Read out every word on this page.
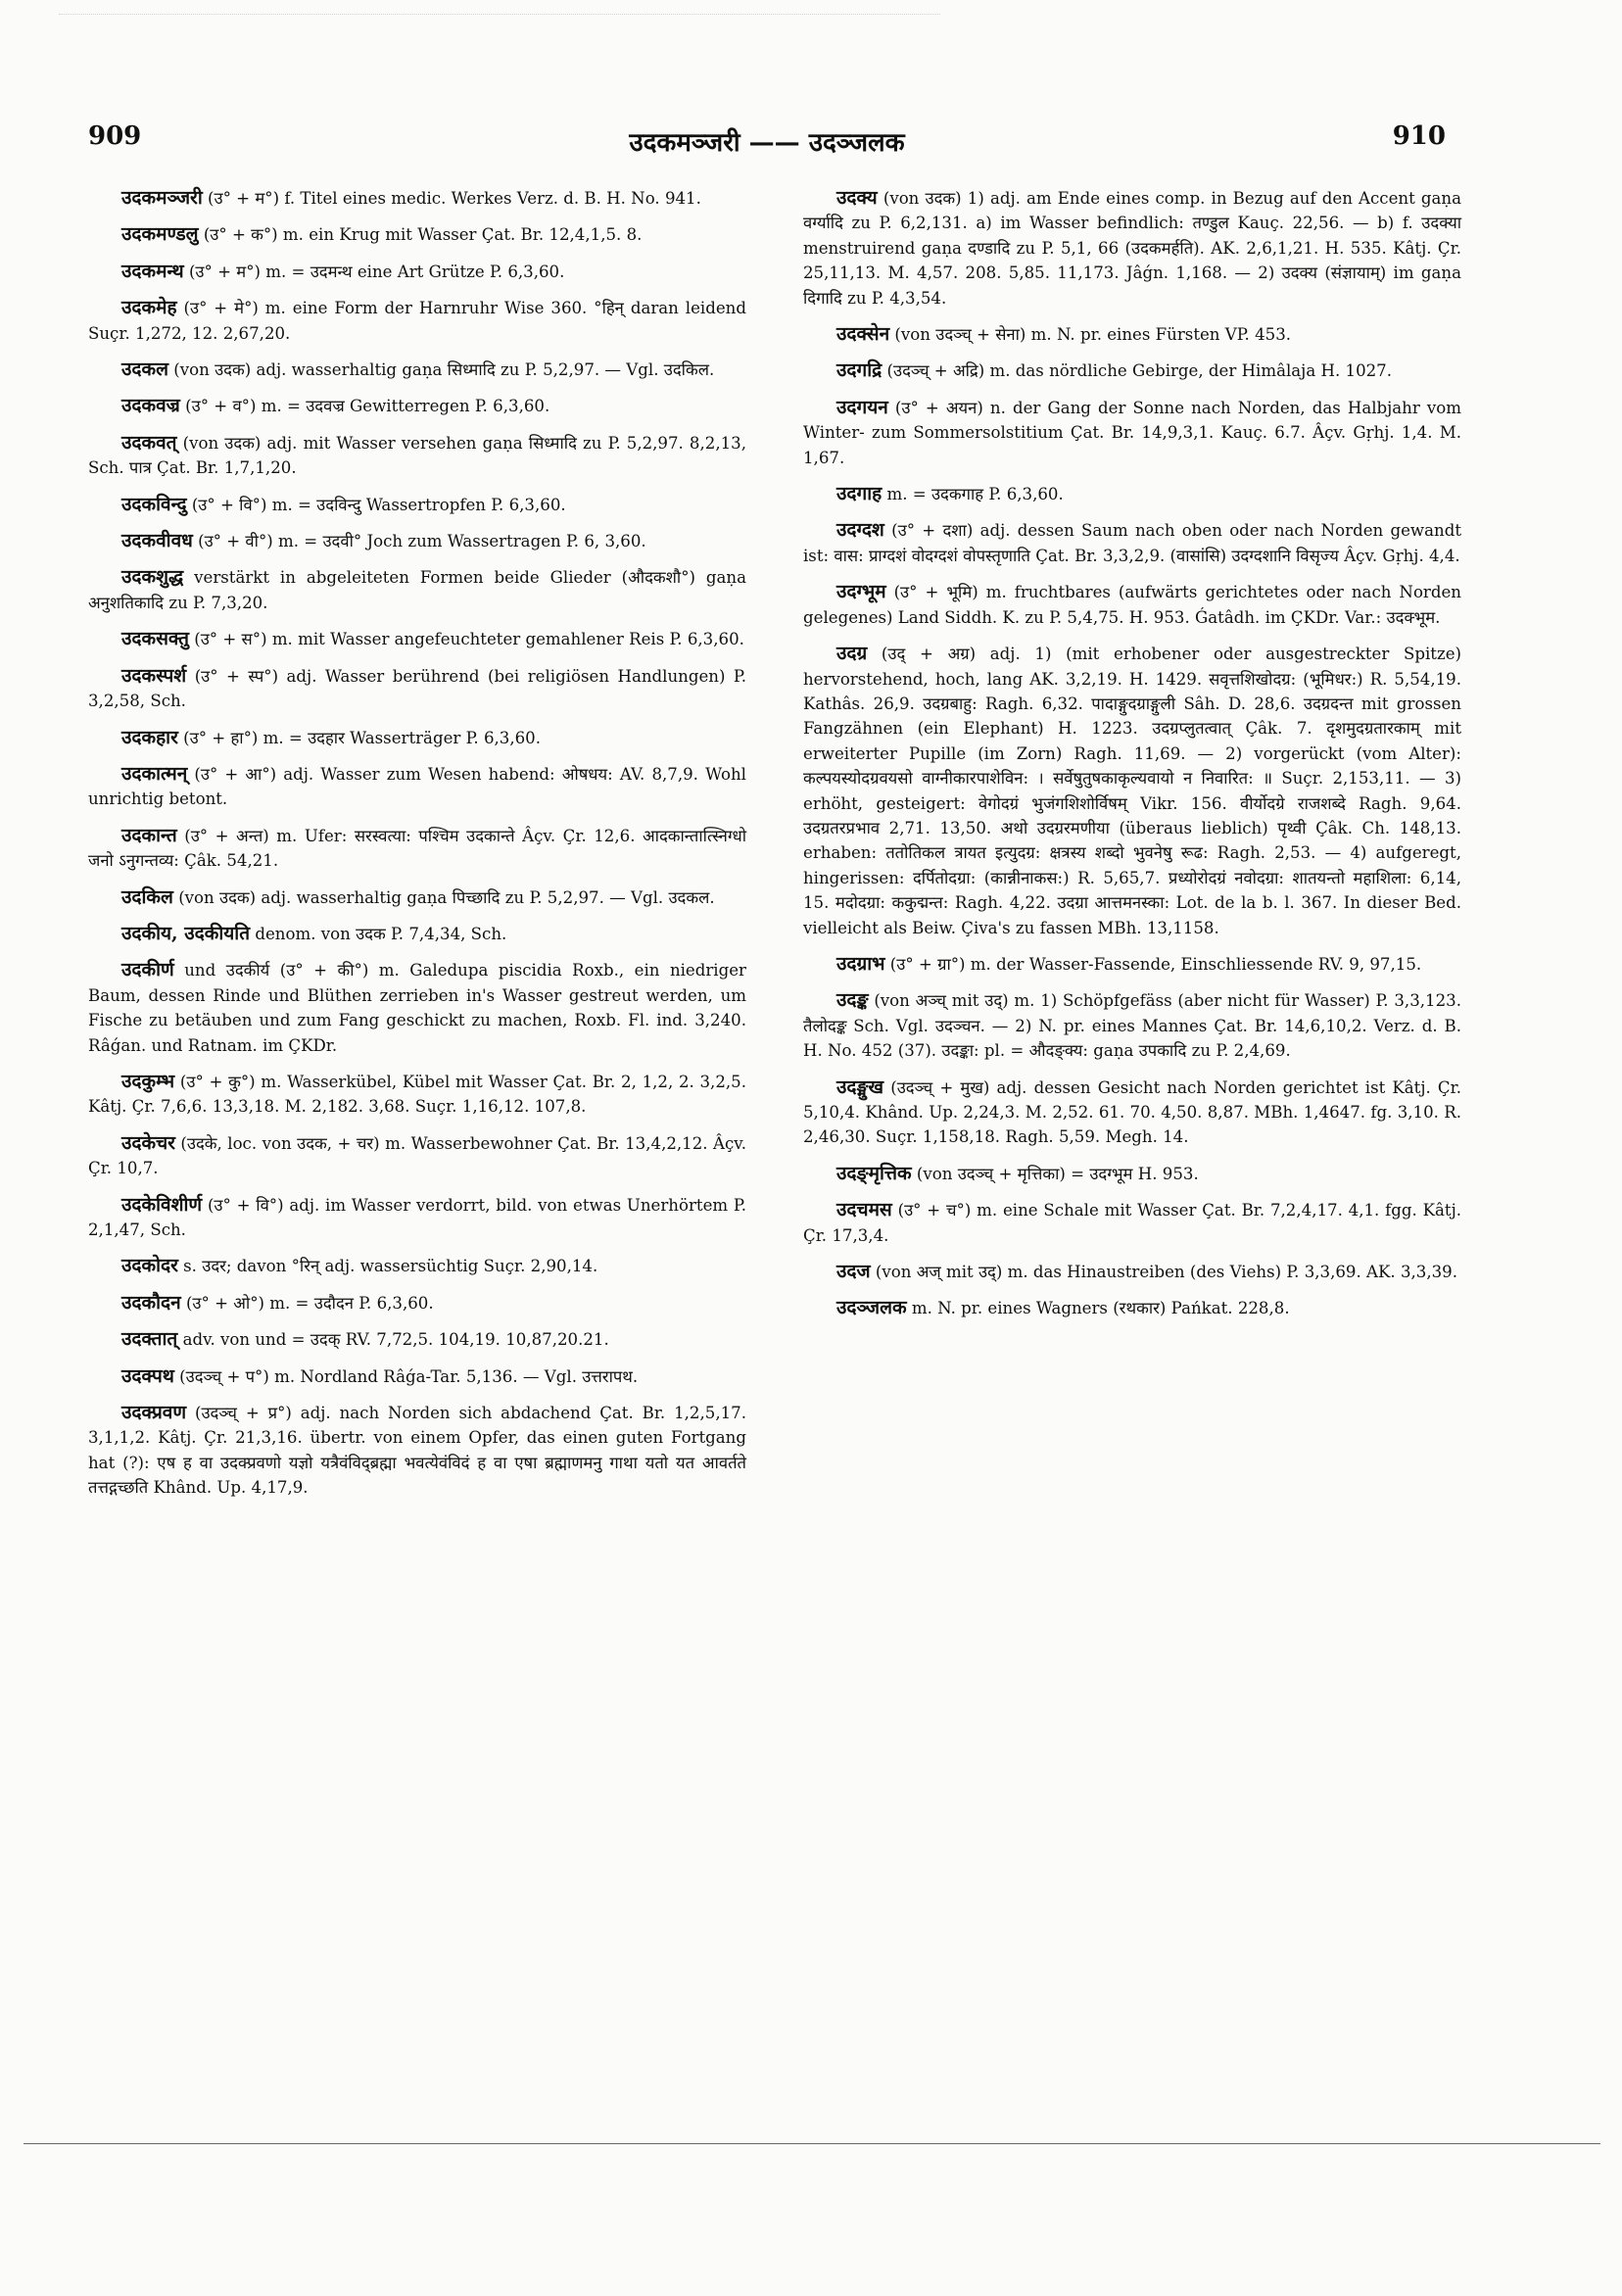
909	उदकमञ्जरी —— उदञ्जलक	910

उदकमञ्जरी (उ° + म°) f. Titel eines medic. Werkes Verz. d. B. H. No. 941.

उदकमण्डलु (उ° + क°) m. ein Krug mit Wasser Çat. Br. 12,4,1,5. 8.

उदकमन्थ (उ° + म°) m. = उदमन्थ eine Art Grütze P. 6,3,60.

उदकमेह (उ° + मे°) m. eine Form der Harnruhr Wise 360. °हिन् daran leidend Suçr. 1,272, 12. 2,67,20.

उदकल (von उदक) adj. wasserhaltig gaṇa सिध्मादि zu P. 5,2,97. — Vgl. उदकिल.

उदकवज्र (उ° + व°) m. = उदवज्र Gewitterregen P. 6,3,60.

उदकवत् (von उदक) adj. mit Wasser versehen gaṇa सिध्मादि zu P. 5,2,97. 8,2,13, Sch. पात्र Çat. Br. 1,7,1,20.

उदकविन्दु (उ° + वि°) m. = उदविन्दु Wassertropfen P. 6,3,60.

उदकवीवध (उ° + वी°) m. = उदवी° Joch zum Wassertragen P. 6, 3,60.

उदकशुद्ध verstärkt in abgeleiteten Formen beide Glieder (औदकशौ°) gaṇa अनुशतिकादि zu P. 7,3,20.

उदकसक्तु (उ° + स°) m. mit Wasser angefeuchteter gemahlener Reis P. 6,3,60.

उदकस्पर्श (उ° + स्प°) adj. Wasser berührend (bei religiösen Handlungen) P. 3,2,58, Sch.

उदकहार (उ° + हा°) m. = उदहार Wasserträger P. 6,3,60.

उदकात्मन् (उ° + आ°) adj. Wasser zum Wesen habend: ओषधय: AV. 8,7,9. Wohl unrichtig betont.

उदकान्त (उ° + अन्त) m. Ufer: सरस्वत्या: पश्चिम उदकान्ते Âçv. Çr. 12,6. आदकान्तात्स्निग्धो जनो ऽनुगन्तव्य: Çâk. 54,21.

उदकिल (von उदक) adj. wasserhaltig gaṇa पिच्छादि zu P. 5,2,97. — Vgl. उदकल.

उदकीय, उदकीयति denom. von उदक P. 7,4,34, Sch.

उदकीर्ण und उदकीर्य (उ° + की°) m. Galedupa piscidia Roxb., ein niedriger Baum, dessen Rinde und Blüthen zerrieben in's Wasser gestreut werden, um Fische zu betäuben und zum Fang geschickt zu machen, Roxb. Fl. ind. 3,240. Râǵan. und Ratnam. im ÇKDr.

उदकुम्भ (उ° + कु°) m. Wasserkübel, Kübel mit Wasser Çat. Br. 2, 1,2, 2. 3,2,5. Kâtj. Çr. 7,6,6. 13,3,18. M. 2,182. 3,68. Suçr. 1,16,12. 107,8.

उदकेचर (उदके, loc. von उदक, + चर) m. Wasserbewohner Çat. Br. 13,4,2,12. Âçv. Çr. 10,7.

उदकेविशीर्ण (उ° + वि°) adj. im Wasser verdorrt, bild. von etwas Unerhörtem P. 2,1,47, Sch.

उदकोदर s. उदर; davon °रिन् adj. wassersüchtig Suçr. 2,90,14.

उदकौदन (उ° + ओ°) m. = उदौदन P. 6,3,60.

उदक्तात् adv. von und = उदक् RV. 7,72,5. 104,19. 10,87,20.21.

उदक्पथ (उदञ्च् + प°) m. Nordland Râǵa-Tar. 5,136. — Vgl. उत्तरापथ.

उदक्प्रवण (उदञ्च् + प्र°) adj. nach Norden sich abdachend Çat. Br. 1,2,5,17. 3,1,1,2. Kâtj. Çr. 21,3,16. übertr. von einem Opfer, das einen guten Fortgang hat (?): एष ह वा उदक्प्रवणो यज्ञो यत्रैवंविद्ब्रह्मा भवत्येवंविदं ह वा एषा ब्रह्माणमनु गाथा यतो यत आवर्तते तत्तद्गच्छति Khând. Up. 4,17,9.

उदक्य (von उदक) 1) adj. am Ende eines comp. in Bezug auf den Accent gaṇa वर्ग्यादि zu P. 6,2,131. a) im Wasser befindlich: तण्डुल Kauç. 22,56. — b) f. उदक्या menstruirend gaṇa दण्डादि zu P. 5,1, 66 (उदकमर्हति). AK. 2,6,1,21. H. 535. Kâtj. Çr. 25,11,13. M. 4,57. 208. 5,85. 11,173. Jâǵn. 1,168. — 2) उदक्य (संज्ञायाम्) im gaṇa दिगादि zu P. 4,3,54.

उदक्सेन (von उदञ्च् + सेना) m. N. pr. eines Fürsten VP. 453.

उदगद्रि (उदञ्च् + अद्रि) m. das nördliche Gebirge, der Himâlaja H. 1027.

उदगयन (उ° + अयन) n. der Gang der Sonne nach Norden, das Halbjahr vom Winter- zum Sommersolstitium Çat. Br. 14,9,3,1. Kauç. 6.7. Âçv. Gṛhj. 1,4. M. 1,67.

उदगाह m. = उदकगाह P. 6,3,60.

उदग्दश (उ° + दशा) adj. dessen Saum nach oben oder nach Norden gewandt ist: वास: प्राग्दशं वोदग्दशं वोपस्तृणाति Çat. Br. 3,3,2,9. (वासांसि) उदग्दशानि विसृज्य Âçv. Gṛhj. 4,4.

उदग्भूम (उ° + भूमि) m. fruchtbares (aufwärts gerichtetes oder nach Norden gelegenes) Land Siddh. K. zu P. 5,4,75. H. 953. Ǵatâdh. im ÇKDr. Var.: उदक्भूम.

उदग्र (उद् + अग्र) adj. 1) (mit erhobener oder ausgestreckter Spitze) hervorstehend, hoch, lang AK. 3,2,19. H. 1429. सवृत्तशिखोदग्र: (भूमिधर:) R. 5,54,19. Kathâs. 26,9. उदग्रबाहु: Ragh. 6,32. पादाङ्गुदग्राङ्गुली Sâh. D. 28,6. उदग्रदन्त mit grossen Fangzähnen (ein Elephant) H. 1223. उदग्रप्लुतत्वात् Çâk. 7. दृशमुदग्रतारकाम् mit erweiterter Pupille (im Zorn) Ragh. 11,69. — 2) vorgerückt (vom Alter): कल्पयस्योदग्रवयसो वाग्नीकारपाशेविन: । सर्वेषुतुषकाकृल्यवायो न निवारित: ॥ Suçr. 2,153,11. — 3) erhöht, gesteigert: वेगोदग्रं भुजंगशिशोर्विषम् Vikr. 156. वीर्योदग्रे राजशब्दे Ragh. 9,64. उदग्रतरप्रभाव 2,71. 13,50. अथो उदग्ररमणीया (überaus lieblich) पृथ्वी Çâk. Ch. 148,13. erhaben: ततोतिकल त्रायत इत्युदग्र: क्षत्रस्य शब्दो भुवनेषु रूढ: Ragh. 2,53. — 4) aufgeregt, hingerissen: दर्पितोदग्रा: (कान्नीनाकस:) R. 5,65,7. प्रध्योरोदग्रं नवोदग्रा: शातयन्तो महाशिला: 6,14, 15. मदोदग्रा: ककुद्मन्त: Ragh. 4,22. उदग्रा आत्तमनस्का: Lot. de la b. l. 367. In dieser Bed. vielleicht als Beiw. Çiva's zu fassen MBh. 13,1158.

उदग्राभ (उ° + ग्रा°) m. der Wasser-Fassende, Einschliessende RV. 9, 97,15.

उदङ्क (von अञ्च् mit उद्) m. 1) Schöpfgefäss (aber nicht für Wasser) P. 3,3,123. तैलोदङ्क Sch. Vgl. उदञ्चन. — 2) N. pr. eines Mannes Çat. Br. 14,6,10,2. Verz. d. B. H. No. 452 (37). उदङ्का: pl. = औदङ्क्य: gaṇa उपकादि zu P. 2,4,69.

उदङ्मुख (उदञ्च् + मुख) adj. dessen Gesicht nach Norden gerichtet ist Kâtj. Çr. 5,10,4. Khând. Up. 2,24,3. M. 2,52. 61. 70. 4,50. 8,87. MBh. 1,4647. fg. 3,10. R. 2,46,30. Suçr. 1,158,18. Ragh. 5,59. Megh. 14.

उदङ्मृत्तिक (von उदञ्च् + मृत्तिका) = उदग्भूम H. 953.

उदचमस (उ° + च°) m. eine Schale mit Wasser Çat. Br. 7,2,4,17. 4,1. fgg. Kâtj. Çr. 17,3,4.

उदज (von अज् mit उद्) m. das Hinaustreiben (des Viehs) P. 3,3,69. AK. 3,3,39.

उदञ्जलक m. N. pr. eines Wagners (रथकार) Pańkat. 228,8.
